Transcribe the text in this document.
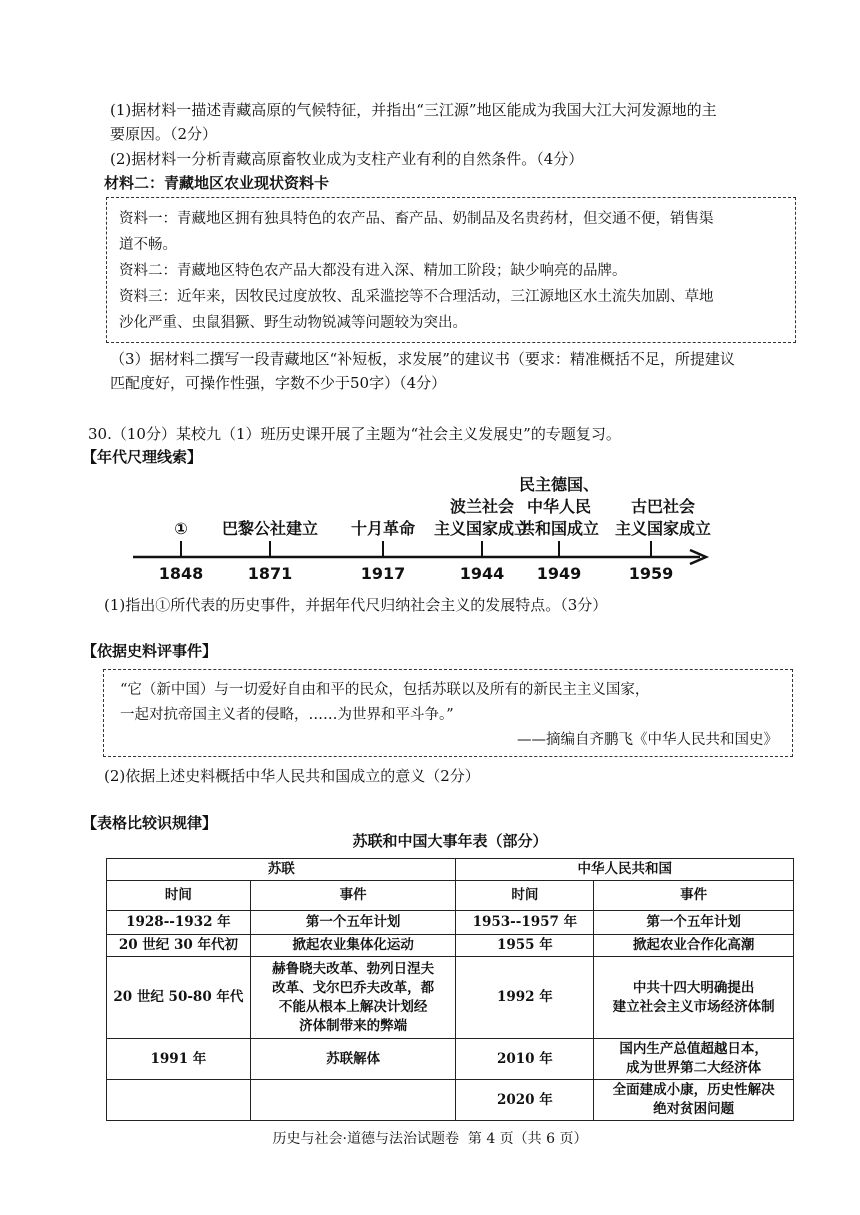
(1)据材料一描述青藏高原的气候特征，并指出“三江源”地区能成为我国大江大河发源地的主
要原因。（2分）
(2)据材料一分析青藏高原畜牧业成为支柱产业有利的自然条件。（4分）
材料二：青藏地区农业现状资料卡

资料一：青藏地区拥有独具特色的农产品、畜产品、奶制品及名贵药材，但交通不便，销售渠

道不畅。

资料二：青藏地区特色农产品大都没有进入深、精加工阶段；缺少响亮的品牌。

资料三：近年来，因牧民过度放牧、乱采滥挖等不合理活动，三江源地区水土流失加剧、草地

沙化严重、虫鼠猖獗、野生动物锐减等问题较为突出。

（3）据材料二撰写一段青藏地区“补短板，求发展”的建议书（要求：精准概括不足，所提建议
匹配度好，可操作性强，字数不少于50字）（4分）
30.（10分）某校九（1）班历史课开展了主题为“社会主义发展史”的专题复习。
【年代尺理线索】
①	巴黎公社建立	十月革命
波兰社会
主义国家成立
民主德国、
中华人民
共和国成立
古巴社会
主义国家成立
1848	1871	1917	1944	1949	1959
(1)指出①所代表的历史事件，并据年代尺归纳社会主义的发展特点。（3分）
【依据史料评事件】
“它（新中国）与一切爱好自由和平的民众，包括苏联以及所有的新民主主义国家，
一起对抗帝国主义者的侵略，……为世界和平斗争。”
——摘编自齐鹏飞《中华人民共和国史》
(2)依据上述史料概括中华人民共和国成立的意义（2分）
【表格比较识规律】
苏联和中国大事年表（部分）
苏联		中华人民共和国	
时间	事件	时间	事件
1928--1932 年	第一个五年计划	1953--1957 年	第一个五年计划
20 世纪 30 年代初	掀起农业集体化运动	1955 年	掀起农业合作化高潮
20 世纪 50-80 年代	赫鲁晓夫改革、勃列日涅夫
改革、戈尔巴乔夫改革，都
不能从根本上解决计划经
济体制带来的弊端	1992 年	中共十四大明确提出
建立社会主义市场经济体制
1991 年	苏联解体	2010 年	国内生产总值超越日本，
成为世界第二大经济体
		2020 年	全面建成小康，历史性解决
绝对贫困问题
历史与社会·道德与法治试题卷  第 4 页（共 6 页）
